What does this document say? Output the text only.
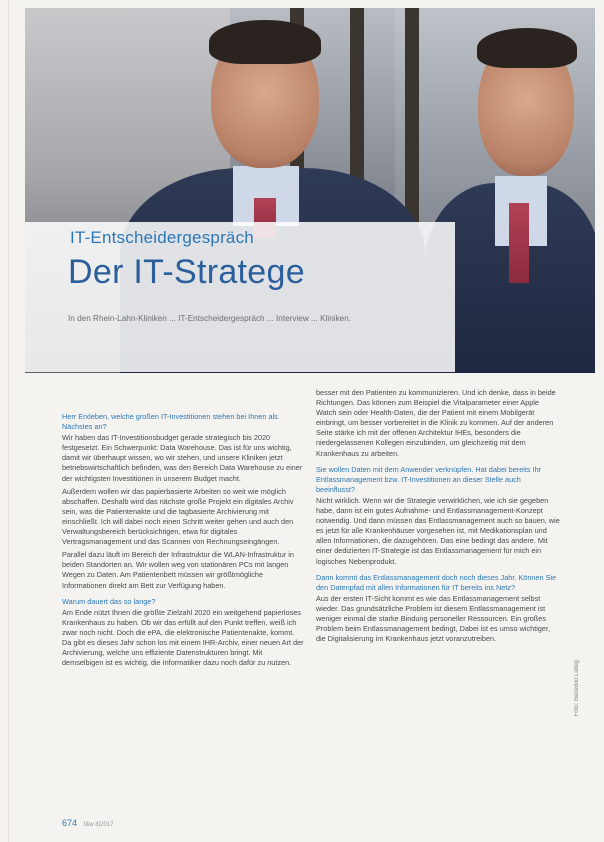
IT-Entscheidergespräch
Der IT-Stratege
In den Rhein-Lahn-Kliniken ... IT-Entscheidergespräch ... Interview ... Kliniken.

Herr Erxleben, welche großen IT-Investitionen stehen bei Ihnen als Nächstes an?

Wir haben das IT-Investitionsbudget gerade strategisch bis 2020 festgesetzt. Ein Schwerpunkt: Data Warehouse. Das ist für uns wichtig, damit wir überhaupt wissen, wo wir stehen, und unsere Kliniken jetzt betriebswirtschaftlich befinden, was den Bereich Data Warehouse zu einer der wichtigsten Investitionen in unserem Budget macht.

Außerdem wollen wir das papierbasierte Arbeiten so weit wie möglich abschaffen. Deshalb wird das nächste große Projekt ein digitales Archiv sein, was die Patientenakte und die tagbasierte Archivierung mit einschließt. Ich will dabei noch einen Schritt weiter gehen und auch den Verwaltungsbereich berücksichtigen, etwa für digitales Vertragsmanagement und das Scannen von Rechnungseingängen.

Parallel dazu läuft im Bereich der Infrastruktur die WLAN-Infrastruktur in beiden Standorten an. Wir wollen weg von stationären PCs mit langen Wegen zu Daten. Am Patientenbett müssen wir größtmögliche Informationen direkt am Bett zur Verfügung haben.

Warum dauert das so lange?

Am Ende nützt Ihnen die größte Zielzahl 2020 ein weitgehend papierloses Krankenhaus zu haben. Ob wir das erfüllt auf den Punkt treffen, weiß ich zwar noch nicht. Doch die ePA, die elektronische Patientenakte, kommt. Da gibt es dieses Jahr schon los mit einem IHR-Archiv, einer neuen Art der Archivierung, welche uns effiziente Datenstrukturen bringt. Mit demselbigen ist es wichtig, die Informatiker dazu noch dafür zu nutzen.

besser mit den Patienten zu kommunizieren. Und ich denke, dass in beide Richtungen. Das können zum Beispiel die Vitalparameter einer Apple Watch sein oder Health-Daten, die der Patient mit einem Mobilgerät einbringt, um besser vorbereitet in die Klinik zu kommen. Auf der anderen Seite stärke ich mit der offenen Architektur IHEs, besonders die niedergelassenen Kollegen einzubinden, um gleichzeitig mit dem Krankenhaus zu arbeiten.

Sie wollen Daten mit dem Anwender verknüpfen. Hat dabei bereits Ihr Entlassmanagement bzw. IT-Investitionen an dieser Stelle auch beeinflusst?

Nicht wirklich. Wenn wir die Strategie verwirklichen, wie ich sie gegeben habe, dann ist ein gutes Aufnahme- und Entlassmanagement-Konzept notwendig. Und dann müssen das Entlassmanagement auch so bauen, wie es jetzt für alle Krankenhäuser vorgesehen ist, mit Medikationsplan und allen Informationen, die dazugehören. Das eine bedingt das andere. Mit einer dedizierten IT-Strategie ist das Entlassmanagement für mich ein logisches Nebenprodukt.

Dann kommt das Entlassmanagement doch noch dieses Jahr. Können Sie den Datenpfad mit allen Informationen für IT bereits ins Netz?

Aus der ersten IT-Sicht kommt es wie das Entlassmanagement selbst wieder. Das grundsätzliche Problem ist diesem Entlassmanagement ist weniger einmal die starke Bindung personeller Ressourcen. Ein großes Problem beim Entlassmanagement bedingt, Dabei ist es umso wichtiger, die Digitalisierung im Krankenhaus jetzt voranzutreiben.

674 f&w 8|2017
Foto: Benedikt Liebig
